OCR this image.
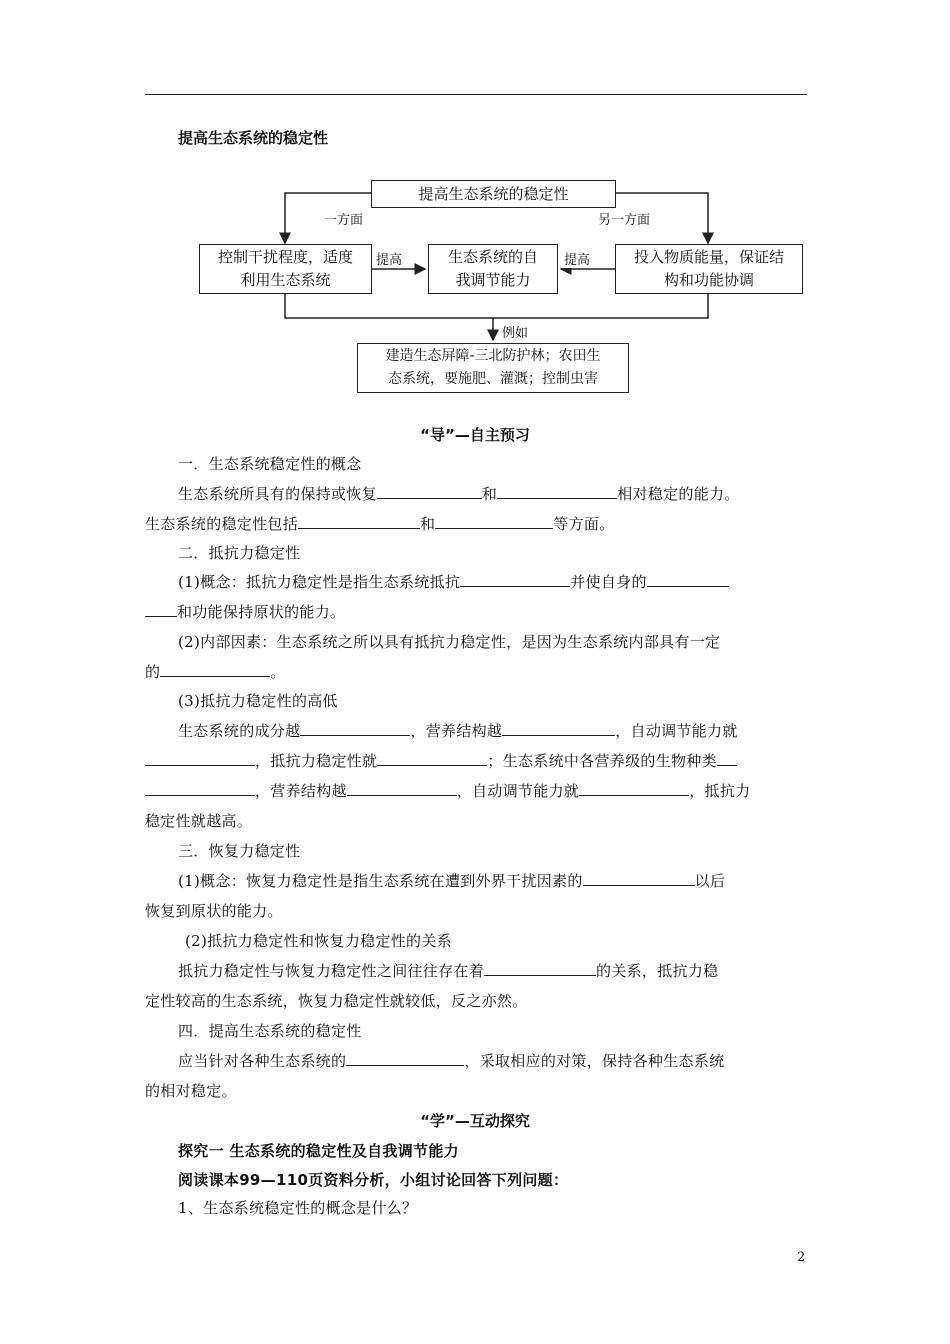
提高生态系统的稳定性
提高生态系统的稳定性
一方面	另一方面
控制干扰程度，适度
利用生态系统
提高	生态系统的自
我调节能力
提高	投入物质能量，保证结
构和功能协调
例如
建造生态屏障-三北防护林；农田生
态系统，要施肥、灌溉；控制虫害
“导”—自主预习
一．生态系统稳定性的概念
生态系统所具有的保持或恢复	和	相对稳定的能力。
生态系统的稳定性包括	和	等方面。
二．抵抗力稳定性
(1)概念：抵抗力稳定性是指生态系统抵抗	并使自身的
和功能保持原状的能力。
(2)内部因素：生态系统之所以具有抵抗力稳定性，是因为生态系统内部具有一定
的	。
(3)抵抗力稳定性的高低
生态系统的成分越	，营养结构越	，自动调节能力就
，抵抗力稳定性就	；生态系统中各营养级的生物种类
，营养结构越	，自动调节能力就	，抵抗力
稳定性就越高。
三．恢复力稳定性
(1)概念：恢复力稳定性是指生态系统在遭到外界干扰因素的	以后
恢复到原状的能力。
(2)抵抗力稳定性和恢复力稳定性的关系
抵抗力稳定性与恢复力稳定性之间往往存在着	的关系，抵抗力稳
定性较高的生态系统，恢复力稳定性就较低，反之亦然。
四．提高生态系统的稳定性
应当针对各种生态系统的	，采取相应的对策，保持各种生态系统
的相对稳定。
“学”—互动探究
探究一 生态系统的稳定性及自我调节能力
阅读课本99—110页资料分析，小组讨论回答下列问题：
1、生态系统稳定性的概念是什么？
2
